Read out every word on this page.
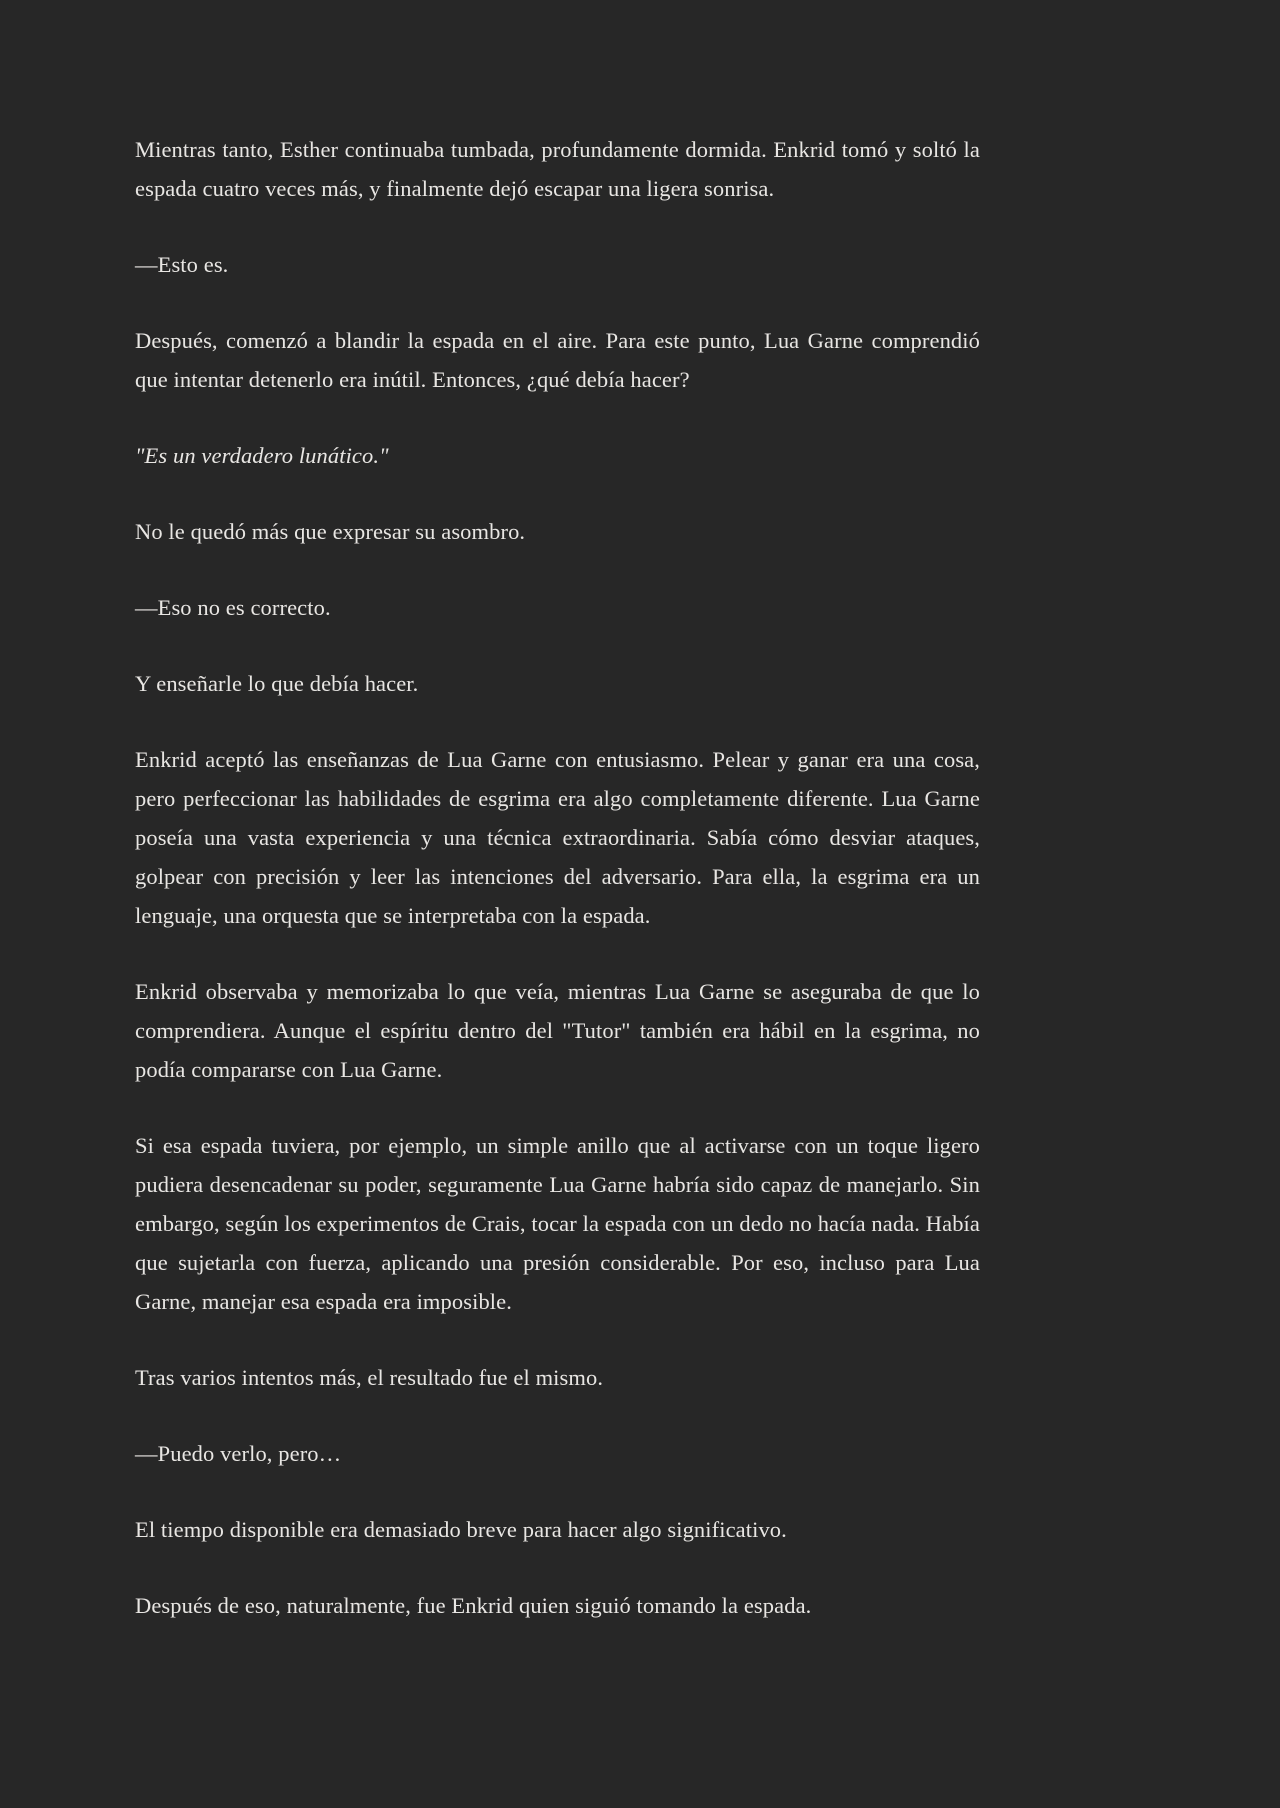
Mientras tanto, Esther continuaba tumbada, profundamente dormida. Enkrid tomó y soltó la espada cuatro veces más, y finalmente dejó escapar una ligera sonrisa.

—Esto es.

Después, comenzó a blandir la espada en el aire. Para este punto, Lua Garne comprendió que intentar detenerlo era inútil. Entonces, ¿qué debía hacer?

"Es un verdadero lunático."

No le quedó más que expresar su asombro.

—Eso no es correcto.

Y enseñarle lo que debía hacer.

Enkrid aceptó las enseñanzas de Lua Garne con entusiasmo. Pelear y ganar era una cosa, pero perfeccionar las habilidades de esgrima era algo completamente diferente. Lua Garne poseía una vasta experiencia y una técnica extraordinaria. Sabía cómo desviar ataques, golpear con precisión y leer las intenciones del adversario. Para ella, la esgrima era un lenguaje, una orquesta que se interpretaba con la espada.

Enkrid observaba y memorizaba lo que veía, mientras Lua Garne se aseguraba de que lo comprendiera. Aunque el espíritu dentro del "Tutor" también era hábil en la esgrima, no podía compararse con Lua Garne.

Si esa espada tuviera, por ejemplo, un simple anillo que al activarse con un toque ligero pudiera desencadenar su poder, seguramente Lua Garne habría sido capaz de manejarlo. Sin embargo, según los experimentos de Crais, tocar la espada con un dedo no hacía nada. Había que sujetarla con fuerza, aplicando una presión considerable. Por eso, incluso para Lua Garne, manejar esa espada era imposible.

Tras varios intentos más, el resultado fue el mismo.

—Puedo verlo, pero…

El tiempo disponible era demasiado breve para hacer algo significativo.

Después de eso, naturalmente, fue Enkrid quien siguió tomando la espada.
